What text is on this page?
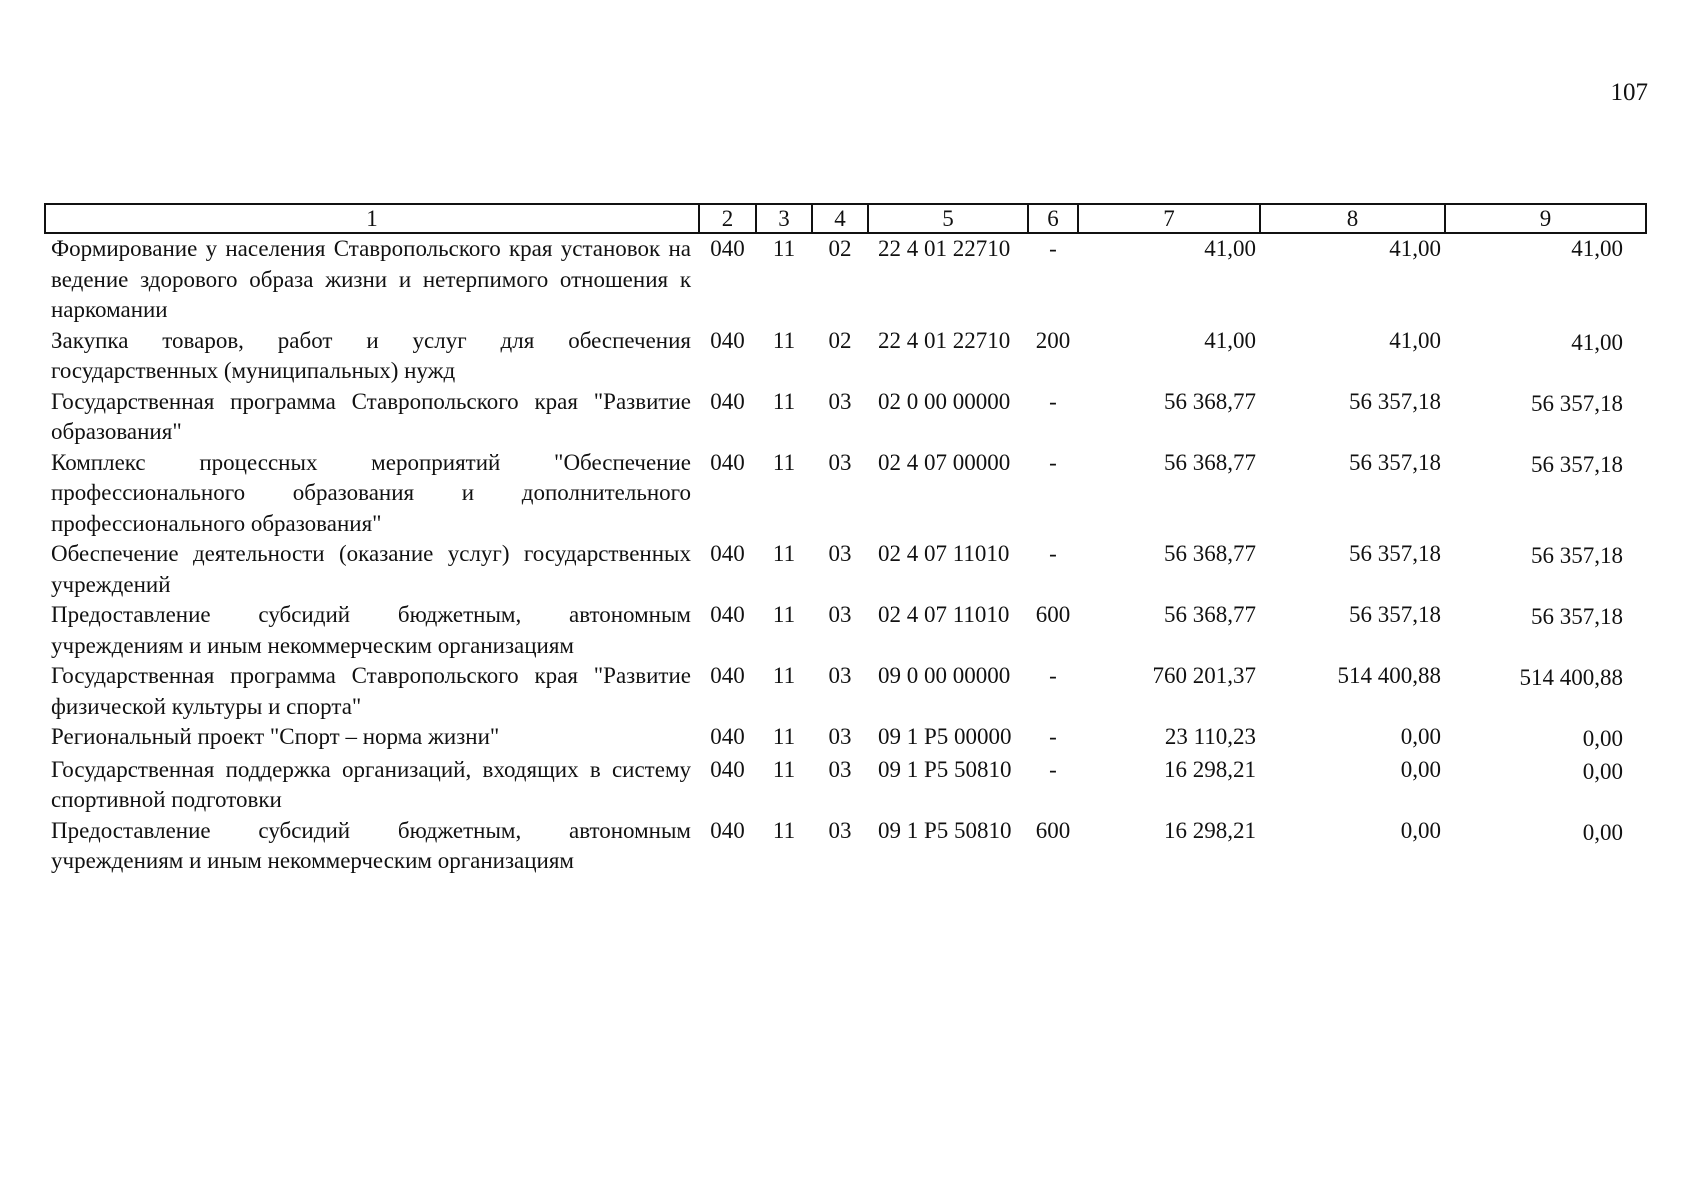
107
1	2	3	4	5	6	7	8	9
Формирование у населения Ставропольского края установок на ведение здорового образа жизни и нетерпимого отношения к наркомании	040	11	02	22 4 01 22710	-	41,00	41,00	41,00
Закупка товаров, работ и услуг для обеспечения государственных (муниципальных) нужд	040	11	02	22 4 01 22710	200	41,00	41,00	41,00
Государственная программа Ставропольского края "Развитие образования"	040	11	03	02 0 00 00000	-	56 368,77	56 357,18	56 357,18
Комплекс процессных мероприятий "Обеспечение профессионального образования и дополнительного профессионального образования"	040	11	03	02 4 07 00000	-	56 368,77	56 357,18	56 357,18
Обеспечение деятельности (оказание услуг) государственных учреждений	040	11	03	02 4 07 11010	-	56 368,77	56 357,18	56 357,18
Предоставление субсидий бюджетным, автономным учреждениям и иным некоммерческим организациям	040	11	03	02 4 07 11010	600	56 368,77	56 357,18	56 357,18
Государственная программа Ставропольского края "Развитие физической культуры и спорта"	040	11	03	09 0 00 00000	-	760 201,37	514 400,88	514 400,88
Региональный проект "Спорт – норма жизни"	040	11	03	09 1 P5 00000	-	23 110,23	0,00	0,00
Государственная поддержка организаций, входящих в систему спортивной подготовки	040	11	03	09 1 P5 50810	-	16 298,21	0,00	0,00
Предоставление субсидий бюджетным, автономным учреждениям и иным некоммерческим организациям	040	11	03	09 1 P5 50810	600	16 298,21	0,00	0,00
